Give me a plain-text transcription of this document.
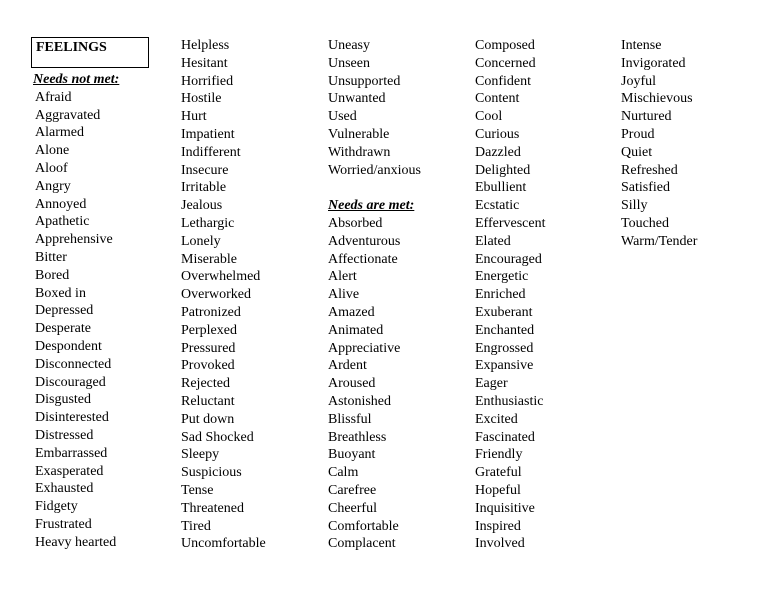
FEELINGS
Needs not met:
Afraid
Aggravated
Alarmed
Alone
Aloof
Angry
Annoyed
Apathetic
Apprehensive
Bitter
Bored
Boxed in
Depressed
Desperate
Despondent
Disconnected
Discouraged
Disgusted
Disinterested
Distressed
Embarrassed
Exasperated
Exhausted
Fidgety
Frustrated
Heavy hearted
Helpless
Hesitant
Horrified
Hostile
Hurt
Impatient
Indifferent
Insecure
Irritable
Jealous
Lethargic
Lonely
Miserable
Overwhelmed
Overworked
Patronized
Perplexed
Pressured
Provoked
Rejected
Reluctant
Put down
Sad Shocked
Sleepy
Suspicious
Tense
Threatened
Tired
Uncomfortable
Uneasy
Unseen
Unsupported
Unwanted
Used
Vulnerable
Withdrawn
Worried/anxious
Needs are met:
Absorbed
Adventurous
Affectionate
Alert
Alive
Amazed
Animated
Appreciative
Ardent
Aroused
Astonished
Blissful
Breathless
Buoyant
Calm
Carefree
Cheerful
Comfortable
Complacent
Composed
Concerned
Confident
Content
Cool
Curious
Dazzled
Delighted
Ebullient
Ecstatic
Effervescent
Elated
Encouraged
Energetic
Enriched
Exuberant
Enchanted
Engrossed
Expansive
Eager
Enthusiastic
Excited
Fascinated
Friendly
Grateful
Hopeful
Inquisitive
Inspired
Involved
Intense
Invigorated
Joyful
Mischievous
Nurtured
Proud
Quiet
Refreshed
Satisfied
Silly
Touched
Warm/Tender
